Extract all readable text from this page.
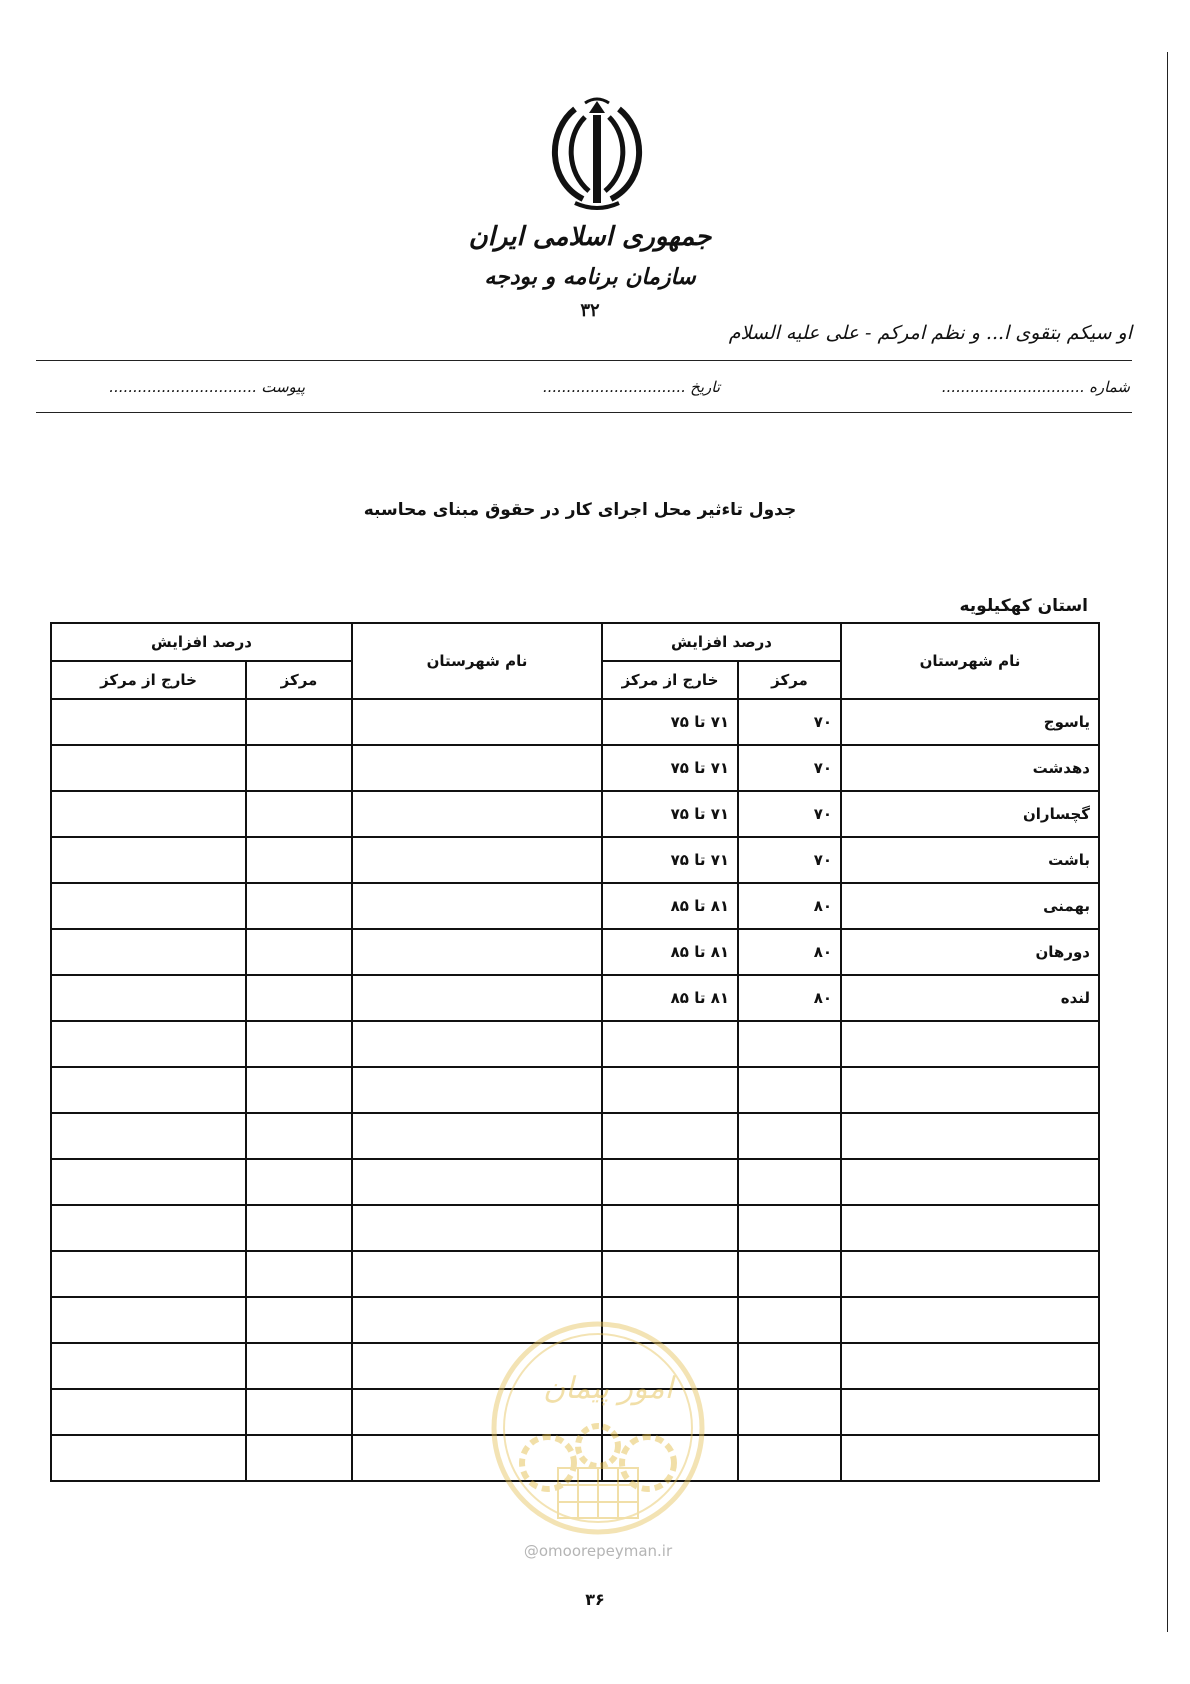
جمهوری اسلامی ایران
سازمان برنامه و بودجه
۳۲
او سیکم بتقوی ا... و نظم امرکم - علی علیه السلام
شماره ..............................
تاریخ ..............................
پیوست ...............................
جدول تاءثیر محل اجرای کار در حقوق مبنای محاسبه
استان کهکیلویه
نام شهرستان	درصد افزایش		نام شهرستان	درصد افزایش	
	مرکز	خارج از مرکز		مرکز	خارج از مرکز
یاسوج	۷۰	۷۱ تا ۷۵			
دهدشت	۷۰	۷۱ تا ۷۵			
گچساران	۷۰	۷۱ تا ۷۵			
باشت	۷۰	۷۱ تا ۷۵			
بهمنی	۸۰	۸۱ تا ۸۵			
دورهان	۸۰	۸۱ تا ۸۵			
لنده	۸۰	۸۱ تا ۸۵			

امور پیمان
@omoorepeyman.ir
۳۶
